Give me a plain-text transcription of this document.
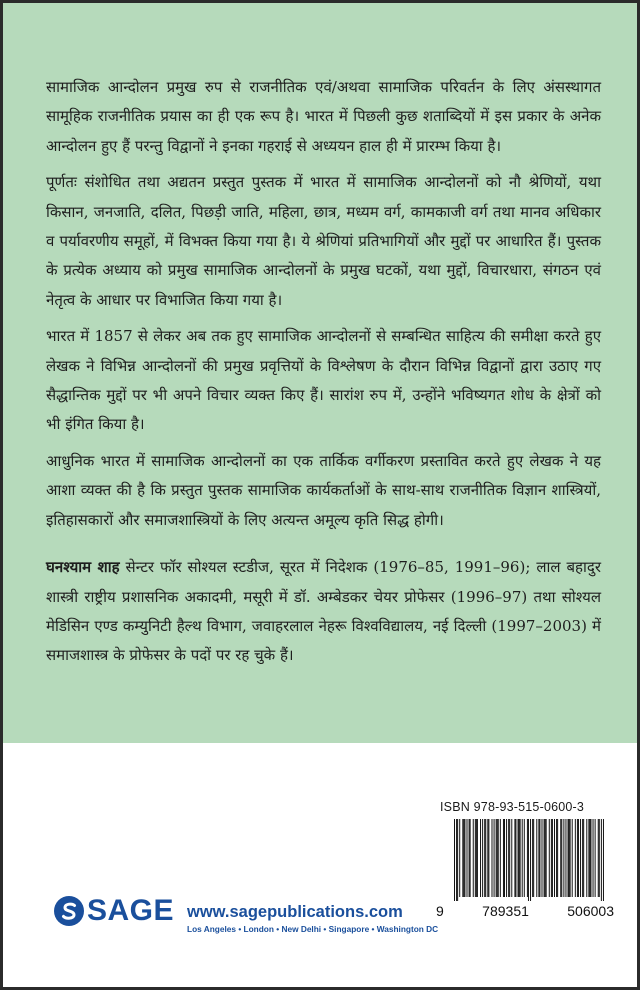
सामाजिक आन्दोलन प्रमुख रुप से राजनीतिक एवं/अथवा सामाजिक परिवर्तन के लिए अंसस्थागत सामूहिक राजनीतिक प्रयास का ही एक रूप है। भारत में पिछली कुछ शताब्दियों में इस प्रकार के अनेक आन्दोलन हुए हैं परन्तु विद्वानों ने इनका गहराई से अध्ययन हाल ही में प्रारम्भ किया है।

पूर्णतः संशोधित तथा अद्यतन प्रस्तुत पुस्तक में भारत में सामाजिक आन्दोलनों को नौ श्रेणियों, यथा किसान, जनजाति, दलित, पिछड़ी जाति, महिला, छात्र, मध्यम वर्ग, कामकाजी वर्ग तथा मानव अधिकार व पर्यावरणीय समूहों, में विभक्त किया गया है। ये श्रेणियां प्रतिभागियों और मुद्दों पर आधारित हैं। पुस्तक के प्रत्येक अध्याय को प्रमुख सामाजिक आन्दोलनों के प्रमुख घटकों, यथा मुद्दों, विचारधारा, संगठन एवं नेतृत्व के आधार पर विभाजित किया गया है।

भारत में 1857 से लेकर अब तक हुए सामाजिक आन्दोलनों से सम्बन्धित साहित्य की समीक्षा करते हुए लेखक ने विभिन्न आन्दोलनों की प्रमुख प्रवृत्तियों के विश्लेषण के दौरान विभिन्न विद्वानों द्वारा उठाए गए सैद्धान्तिक मुद्दों पर भी अपने विचार व्यक्त किए हैं। सारांश रुप में, उन्होंने भविष्यगत शोध के क्षेत्रों को भी इंगित किया है।

आधुनिक भारत में सामाजिक आन्दोलनों का एक तार्किक वर्गीकरण प्रस्तावित करते हुए लेखक ने यह आशा व्यक्त की है कि प्रस्तुत पुस्तक सामाजिक कार्यकर्ताओं के साथ-साथ राजनीतिक विज्ञान शास्त्रियों, इतिहासकारों और समाजशास्त्रियों के लिए अत्यन्त अमूल्य कृति सिद्ध होगी।

घनश्याम शाह सेन्टर फॉर सोश्यल स्टडीज, सूरत में निदेशक (1976–85, 1991–96); लाल बहादुर शास्त्री राष्ट्रीय प्रशासनिक अकादमी, मसूरी में डॉ. अम्बेडकर चेयर प्रोफेसर (1996–97) तथा सोश्यल मेडिसिन एण्ड कम्युनिटी हैल्थ विभाग, जवाहरलाल नेहरू विश्वविद्यालय, नई दिल्ली (1997–2003) में समाजशास्त्र के प्रोफेसर के पदों पर रह चुके हैं।

ISBN 978-93-515-0600-3
9	789351	506003
SAGE www.sagepublications.com
Los Angeles • London • New Delhi • Singapore • Washington DC
